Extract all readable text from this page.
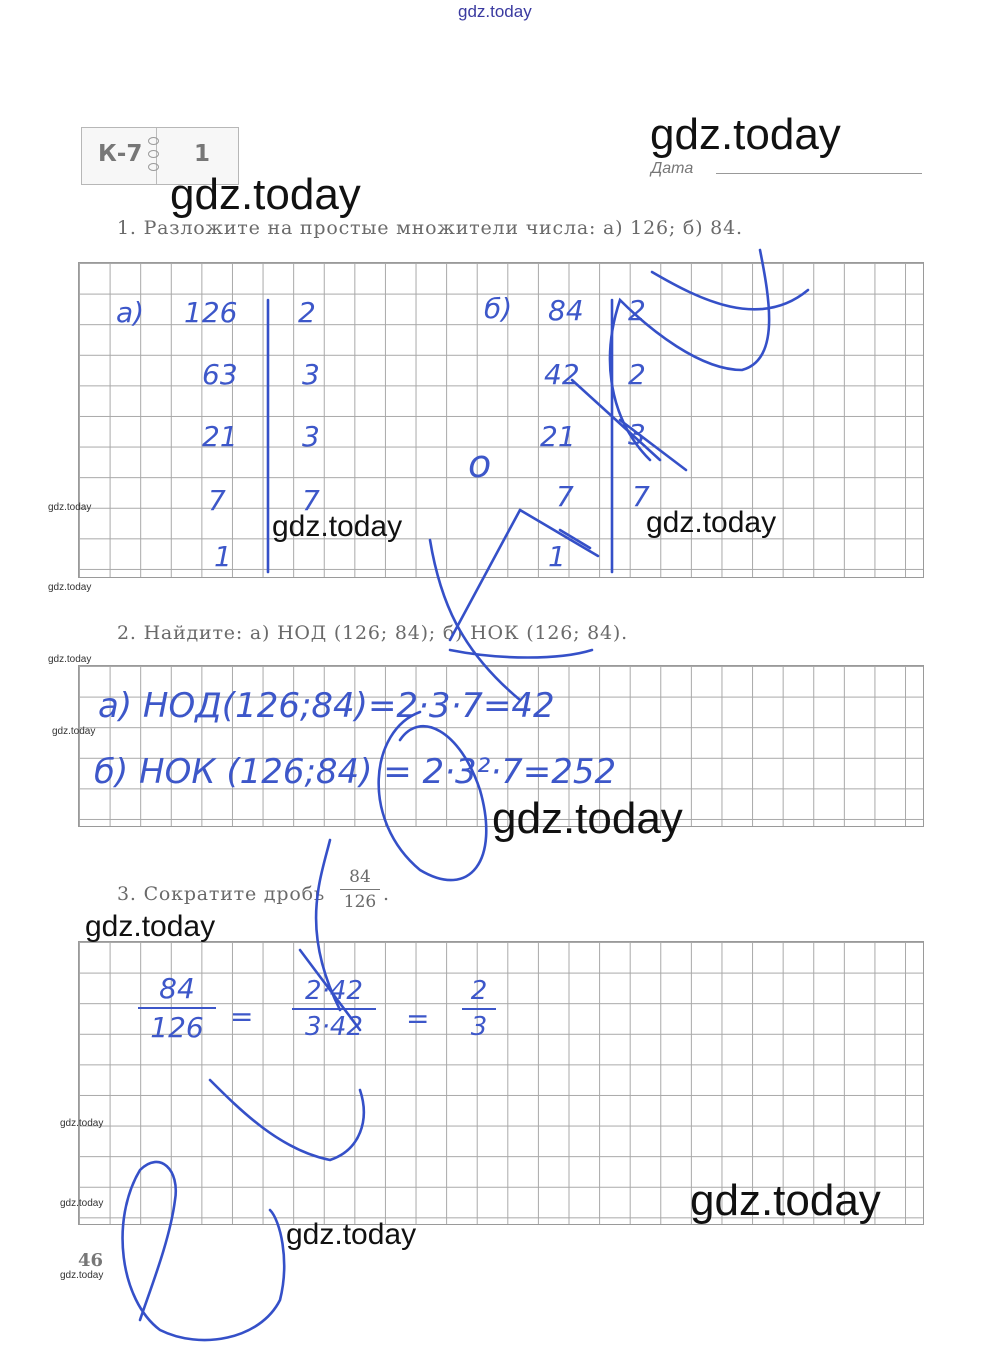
gdz.today
К-7 1
Дата
1. Разложите на простые множители числа: а) 126; б) 84.
2. Найдите: а) НОД (126; 84); б) НОК (126; 84).
3. Сократите дробь
84
126 .
46
а) 126
63
21
7
1
2
3
3
7
б) 84
42
21
7
1
2
2
3
7
o
а) НОД(126;84)=2·3·7=42
б) НОК (126;84) = 2·3²·7=252
84
126 =
2·42
3·42	=
2
3
gdz.today
gdz.today
gdz.today	gdz.today
gdz.today
gdz.today
gdz.today
gdz.today
gdz.today
gdz.today
gdz.today
gdz.today
gdz.today
gdz.today
gdz.today
